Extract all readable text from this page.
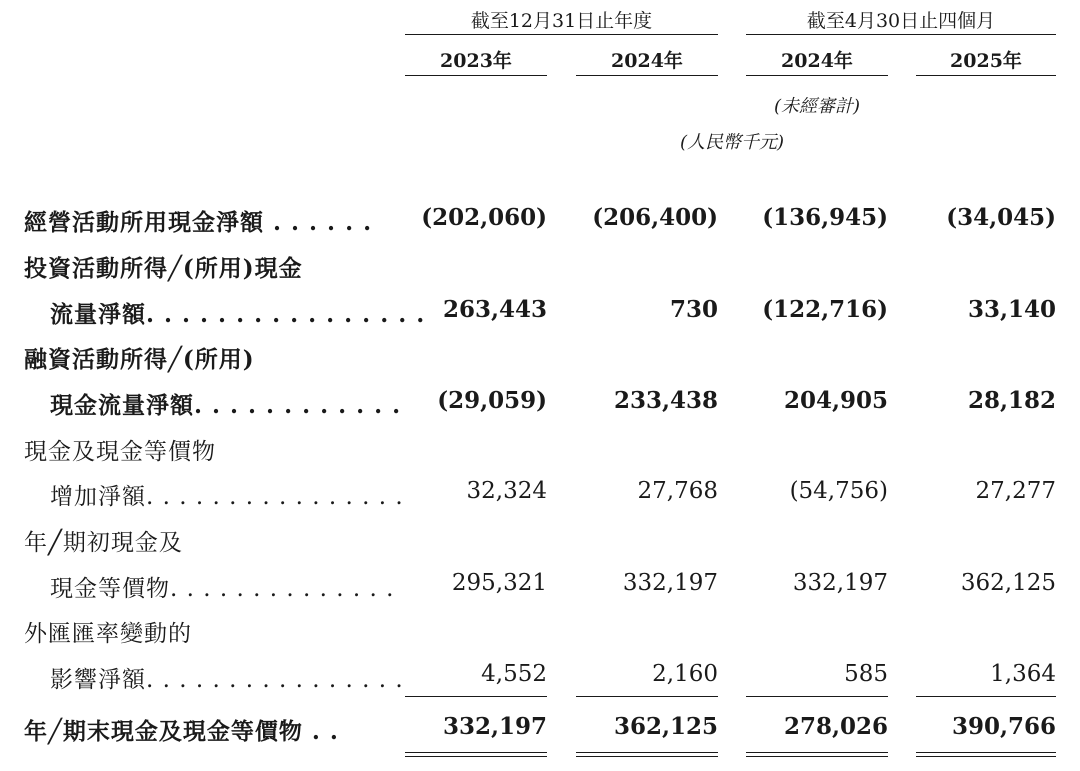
截至12月31日止年度	截至4月30日止四個月
2023年	2024年	2024年	2025年
(未經審計)
(人民幣千元)
經營活動所用現金淨額 . . . . . .	(202,060)	(206,400)	(136,945)	(34,045)
投資活動所得╱(所用)現金
流量淨額. . . . . . . . . . . . . . . . 263,443	730	(122,716)	33,140
融資活動所得╱(所用)
現金流量淨額. . . . . . . . . . . .	(29,059)	233,438	204,905	28,182
現金及現金等價物
增加淨額. . . . . . . . . . . . . . . .	32,324	27,768	(54,756)	27,277
年╱期初現金及
現金等價物. . . . . . . . . . . . . .	295,321	332,197	332,197	362,125
外匯匯率變動的
影響淨額. . . . . . . . . . . . . . . .	4,552	2,160	585	1,364
年╱期末現金及現金等價物 . .	332,197	362,125	278,026	390,766
